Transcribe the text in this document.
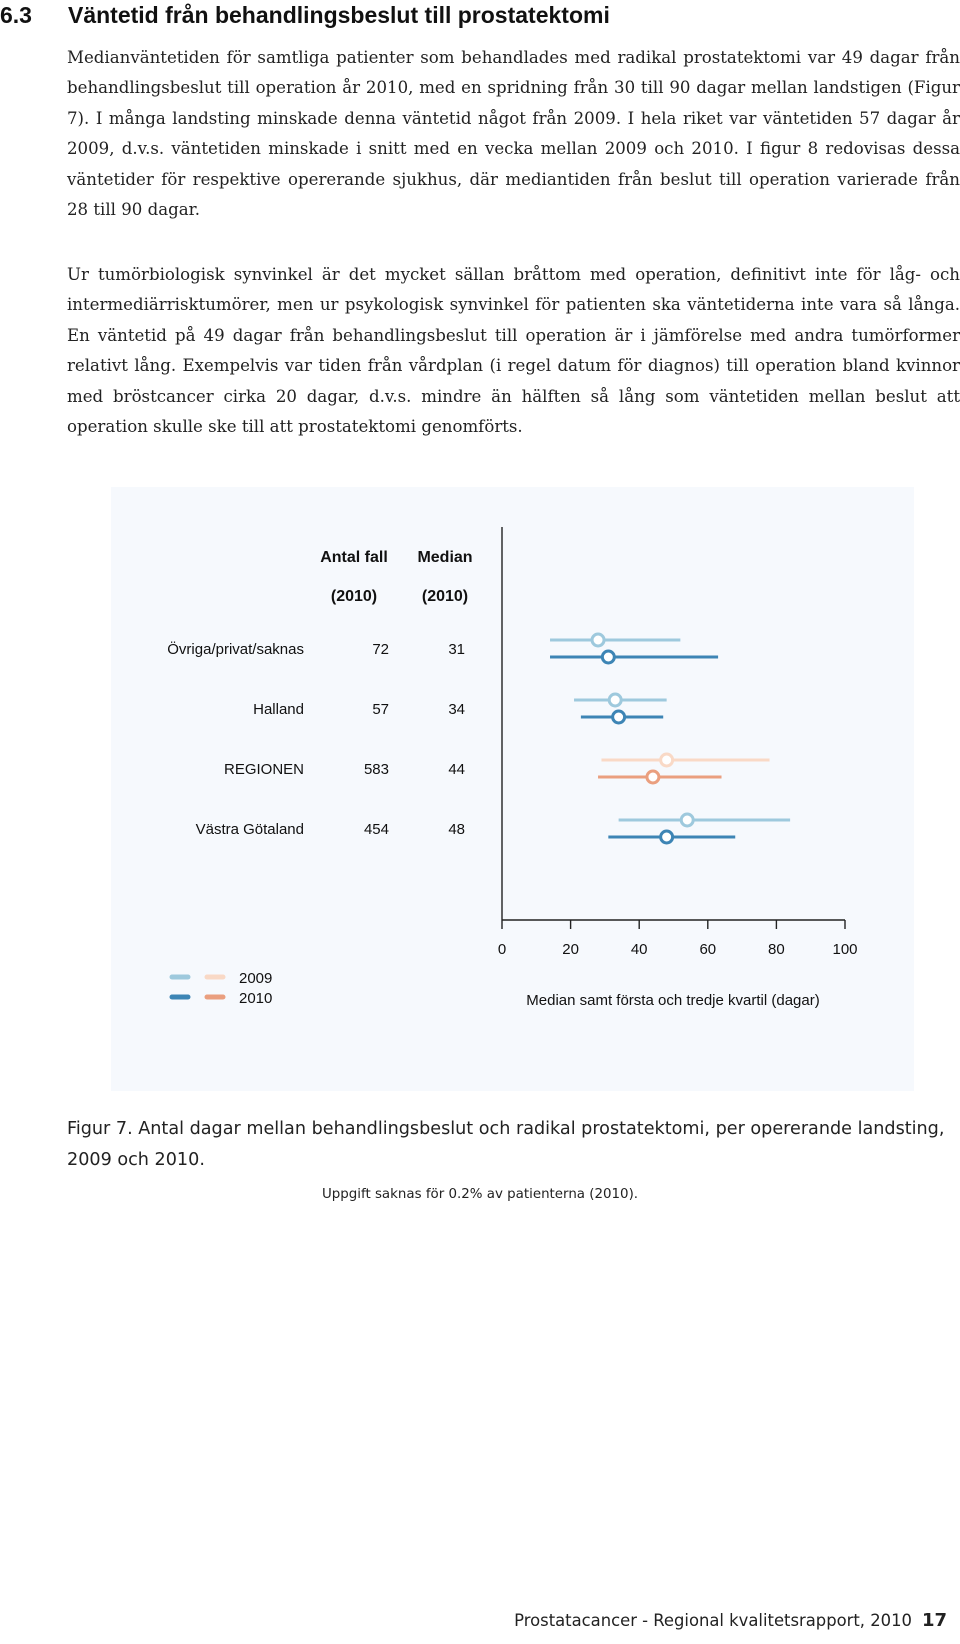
6.3 Väntetid från behandlingsbeslut till prostatektomi

Medianväntetiden för samtliga patienter som behandlades med radikal prostatektomi var 49 dagar från behandlingsbeslut till operation år 2010, med en spridning från 30 till 90 dagar mellan landstigen (Figur 7). I många landsting minskade denna väntetid något från 2009. I hela riket var väntetiden 57 dagar år 2009, d.v.s. väntetiden minskade i snitt med en vecka mellan 2009 och 2010. I figur 8 redovisas dessa väntetider för respektive opererande sjukhus, där mediantiden från beslut till operation varierade från 28 till 90 dagar.

Ur tumörbiologisk synvinkel är det mycket sällan bråttom med operation, definitivt inte för låg- och intermediärrisktumörer, men ur psykologisk synvinkel för patienten ska väntetiderna inte vara så långa. En väntetid på 49 dagar från behandlingsbeslut till operation är i jämförelse med andra tumörformer relativt lång. Exempelvis var tiden från vårdplan (i regel datum för diagnos) till operation bland kvinnor med bröstcancer cirka 20 dagar, d.v.s. mindre än hälften så lång som väntetiden mellan beslut att operation skulle ske till att prostatektomi genomförts.

Antal fall
(2010)
Median
(2010)
0	20	40	60	80	100
Median samt första och tredje kvartil (dagar)
Övriga/privat/saknas	72	31
Halland	57	34
REGIONEN	583	44
Västra Götaland	454	48
2009
2010

Figur 7. Antal dagar mellan behandlingsbeslut och radikal prostatektomi, per opererande landsting, 2009 och 2010.

Uppgift saknas för 0.2% av patienterna (2010).

Prostatacancer - Regional kvalitetsrapport, 2010 17
